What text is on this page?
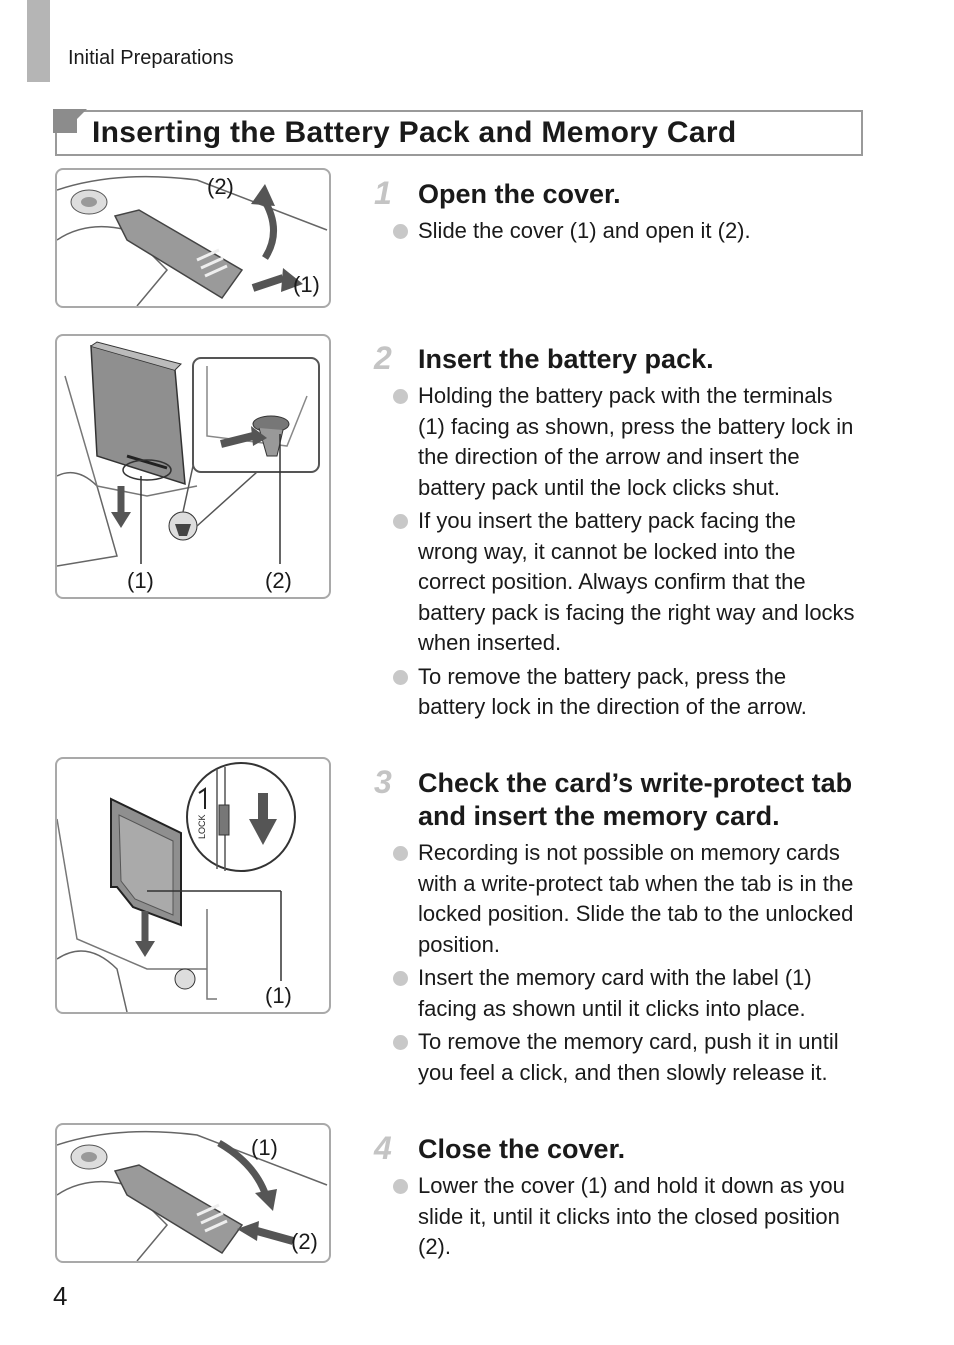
Initial Preparations
Inserting the Battery Pack and Memory Card
(2)
(1)
(1)	(2)
LOCK
(1)
(1)
(2)
1 Open the cover.
Slide the cover (1) and open it (2).
2 Insert the battery pack.
Holding the battery pack with the terminals (1) facing as shown, press the battery lock in the direction of the arrow and insert the battery pack until the lock clicks shut.
If you insert the battery pack facing the wrong way, it cannot be locked into the correct position. Always confirm that the battery pack is facing the right way and locks when inserted.
To remove the battery pack, press the battery lock in the direction of the arrow.
3 Check the card’s write-protect tab and insert the memory card.
Recording is not possible on memory cards with a write-protect tab when the tab is in the locked position. Slide the tab to the unlocked position.
Insert the memory card with the label (1) facing as shown until it clicks into place.
To remove the memory card, push it in until you feel a click, and then slowly release it.
4 Close the cover.
Lower the cover (1) and hold it down as you slide it, until it clicks into the closed position (2).
4
